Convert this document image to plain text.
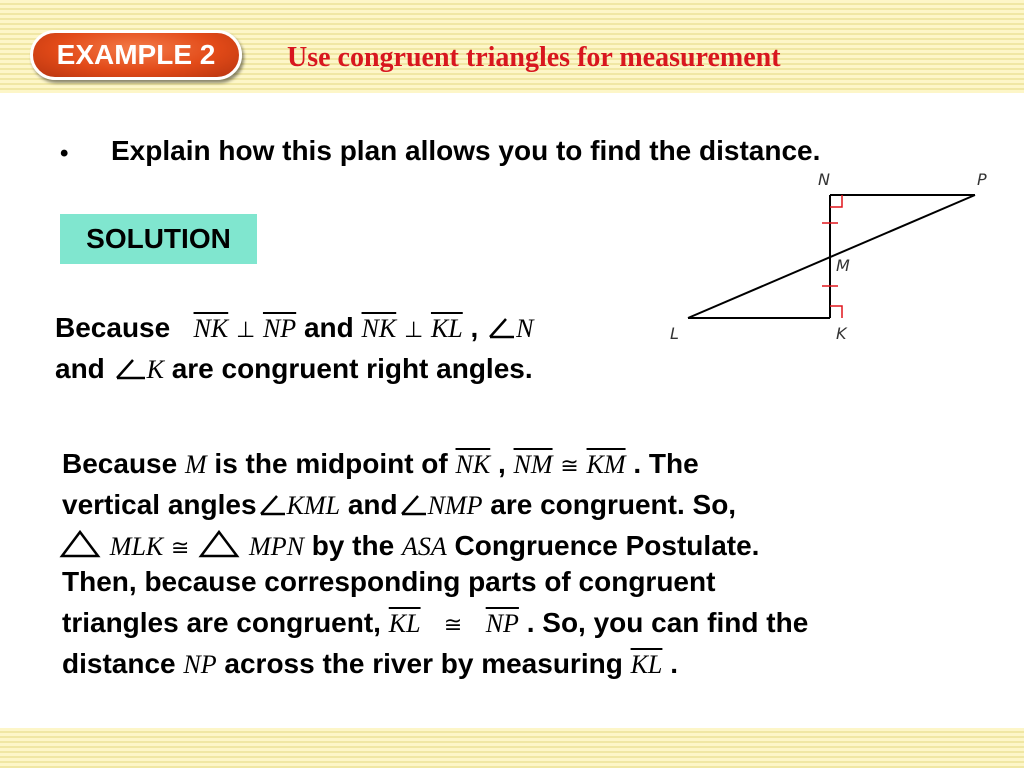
EXAMPLE 2	Use congruent triangles for measurement
• Explain how this plan allows you to find the distance.
SOLUTION
N	P
M
L	K
Because $\overline{NK}$ ⊥ $\overline{NP}$ and $\overline{NK}$ ⊥ $\overline{KL}$ , N
and K are congruent right angles.
Because M is the midpoint of $\overline{NK}$ , $\overline{NM}$ ≅ $\overline{KM}$ . The
vertical angles KML and NMP are congruent. So,
MLK ≅ MPN by the ASA Congruence Postulate.
Then, because corresponding parts of congruent
triangles are congruent, $\overline{KL}$ ≅ $\overline{NP}$ . So, you can find the
distance NP across the river by measuring $\overline{KL}$ .
